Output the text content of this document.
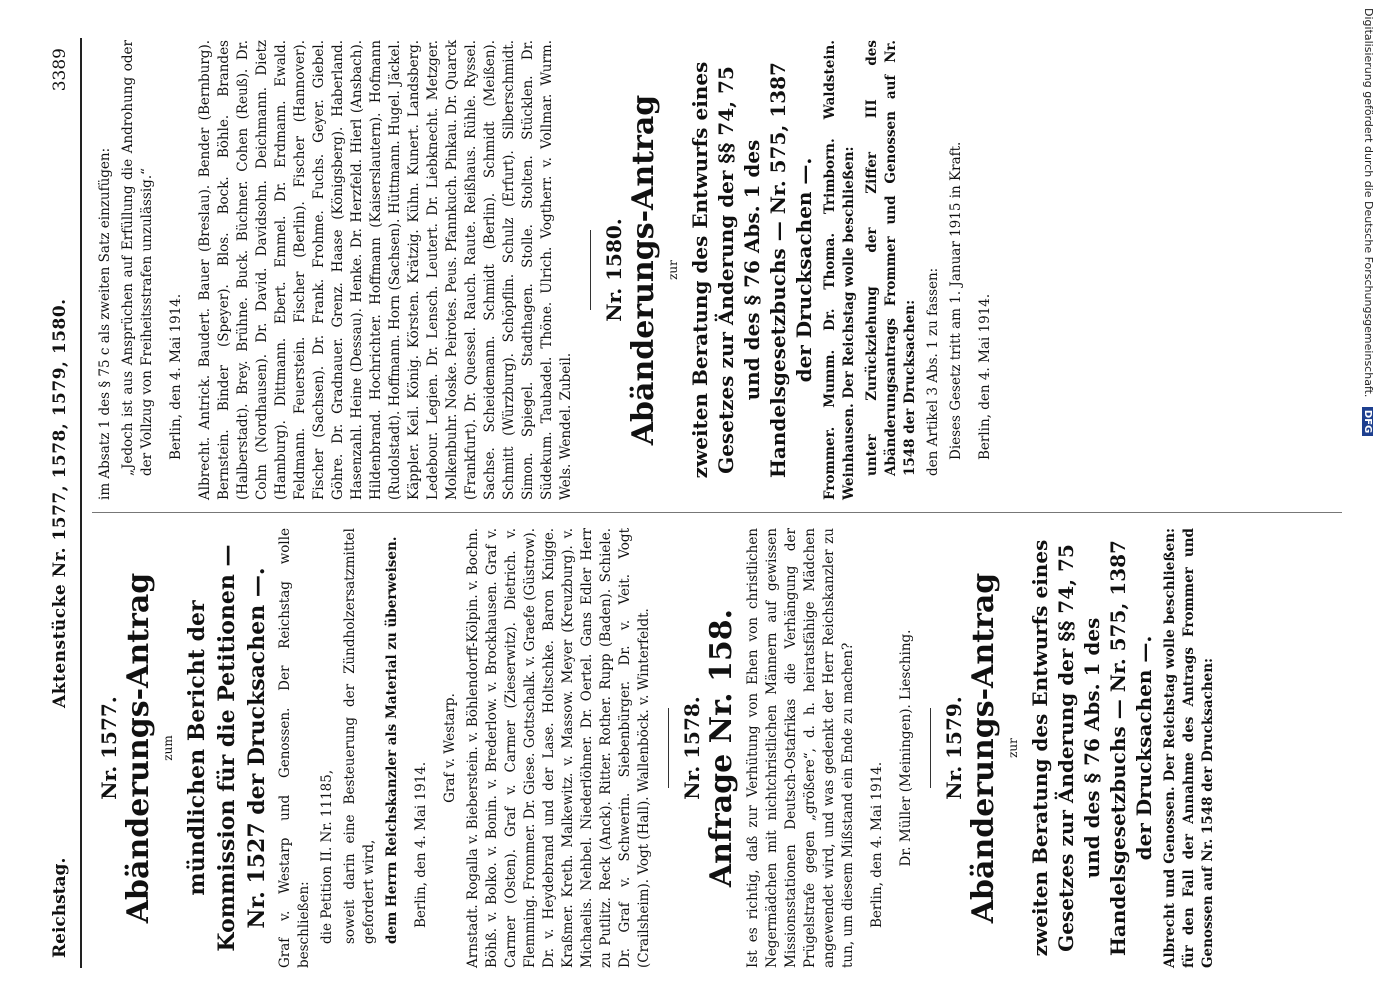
Reichstag.
Aktenstücke Nr. 1577, 1578, 1579, 1580.
3389
Nr. 1577. Abänderungs-Antrag zum mündlichen Bericht der Kommission für die Petitionen — Nr. 1527 der Drucksachen —. Graf v. Westarp und Genossen. Der Reichstag wolle beschließen: die Petition II. Nr. 11185, soweit darin eine Besteuerung der Zündholzersatzmittel gefordert wird, dem Herrn Reichskanzler als Material zu überweisen. Berlin, den 4. Mai 1914.

Graf v. Westarp. Arnstadt. Rogalla v. Bieberstein. v. Böhlendorff-Kölpin. v. Bochn. Böhß. v. Bolko. v. Bonin. v. Brederlow. v. Brockhausen. Graf v. Carmer (Osten). Graf v. Carmer (Zieserwitz). Dietrich. v. Flemming. Frommer. Dr. Giese. Gottschalk. v. Graefe (Güstrow). Dr. v. Heydebrand und der Lase. Holtschke. Baron Knigge. Kraßmer. Kreth. Malkewitz. v. Massow. Meyer (Kreuzburg). v. Michaelis. Nehbel. Niederlöhner. Dr. Oertel. Gans Edler Herr zu Putlitz. Reck (Anck). Ritter. Rother. Rupp (Baden). Schiele. Dr. Graf v. Schwerin. Siebenbürger. Dr. v. Veit. Vogt (Crailsheim). Vogt (Hall). Wallenböck. v. Winterfeldt. Nr. 1578. Anfrage Nr. 158. Ist es richtig, daß zur Verhütung von Ehen von christlichen Negermädchen mit nichtchristlichen Männern auf gewissen Missionsstationen Deutsch-Ostafrikas die Verhängung der Prügelstrafe gegen „größere“, d. h. heiratsfähige Mädchen angewendet wird, und was gedenkt der Herr Reichskanzler zu tun, um diesem Mißstand ein Ende zu machen? Berlin, den 4. Mai 1914. Dr. Müller (Meiningen). Liesching. Nr. 1579. Abänderungs-Antrag zur zweiten Beratung des Entwurfs eines Gesetzes zur Änderung der §§ 74, 75 und des § 76 Abs. 1 des Handelsgesetzbuchs — Nr. 575, 1387 der Drucksachen —. Albrecht und Genossen. Der Reichstag wolle beschließen: für den Fall der Annahme des Antrags Frommer und Genossen auf Nr. 1548 der Drucksachen:

im Absatz 1 des § 75 c als zweiten Satz einzufügen: „Jedoch ist aus Ansprüchen auf Erfüllung die Androhung oder der Vollzug von Freiheitsstrafen unzulässig.“ Berlin, den 4. Mai 1914. Albrecht. Antrick. Baudert. Bauer (Breslau). Bender (Bernburg). Bernstein. Binder (Speyer). Blos. Bock. Böhle. Brandes (Halberstadt). Brey. Brühne. Buck. Büchner. Cohen (Reuß). Dr. Cohn (Nordhausen). Dr. David. Davidsohn. Deichmann. Dietz (Hamburg). Dittmann. Ebert. Emmel. Dr. Erdmann. Ewald. Feldmann. Feuerstein. Fischer (Berlin). Fischer (Hannover). Fischer (Sachsen). Dr. Frank. Frohme. Fuchs. Geyer. Giebel. Göhre. Dr. Gradnauer. Grenz. Haase (Königsberg). Haberland. Hasenzahl. Heine (Dessau). Henke. Dr. Herzfeld. Hierl (Ansbach). Hildenbrand. Hochrichter. Hoffmann (Kaiserslautern). Hofmann (Rudolstadt). Hoffmann. Horn (Sachsen). Hüttmann. Hugel. Jäckel. Käppler. Keil. König. Körsten. Krätzig. Kühn. Kunert. Landsberg. Ledebour. Legien. Dr. Lensch. Leutert. Dr. Liebknecht. Metzger. Molkenbuhr. Noske. Peirotes. Peus. Pfannkuch. Pinkau. Dr. Quarck (Frankfurt). Dr. Quessel. Rauch. Raute. Reißhaus. Rühle. Ryssel. Sachse. Scheidemann. Schmidt (Berlin). Schmidt (Meißen). Schmitt (Würzburg). Schöpflin. Schulz (Erfurt). Silberschmidt. Simon. Spiegel. Stadthagen. Stolle. Stolten. Stücklen. Dr. Südekum. Taubadel. Thöne. Ulrich. Vogtherr. v. Vollmar. Wurm. Wels. Wendel. Zubeil.

Nr. 1580. Abänderungs-Antrag zur zweiten Beratung des Entwurfs eines Gesetzes zur Änderung der §§ 74, 75 und des § 76 Abs. 1 des Handelsgesetzbuchs — Nr. 575, 1387 der Drucksachen —. Frommer. Mumm. Dr. Thoma. Trimborn. Waldstein. Weinhausen. Der Reichstag wolle beschließen: unter Zurückziehung der Ziffer III des Abänderungsantrags Frommer und Genossen auf Nr. 1548 der Drucksachen: den Artikel 3 Abs. 1 zu fassen: Dieses Gesetz tritt am 1. Januar 1915 in Kraft. Berlin, den 4. Mai 1914.	Digitalisierung gefördert durch die Deutsche Forschungsgemeinschaft. DFG
